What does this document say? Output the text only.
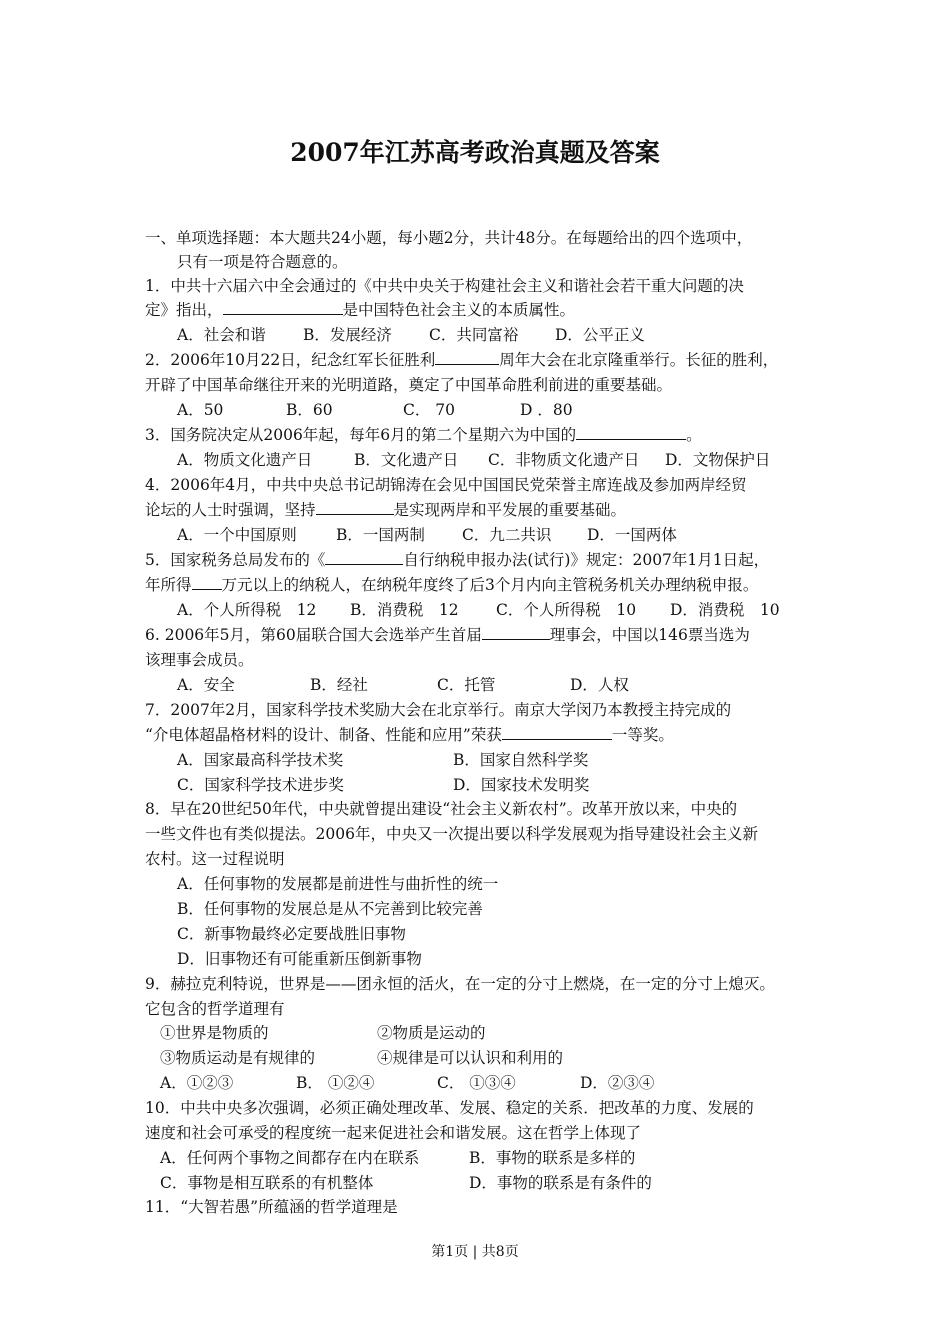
2007年江苏高考政治真题及答案
一、单项选择题：本大题共24小题，每小题2分，共计48分。在每题给出的四个选项中，
只有一项是符合题意的。
1．中共十六届六中全会通过的《中共中央关于构建社会主义和谐社会若干重大问题的决
定》指出，	是中国特色社会主义的本质属性。
A．社会和谐 B．发展经济 C．共同富裕 D．公平正义
2．2006年10月22日，纪念红军长征胜利	周年大会在北京隆重举行。长征的胜利，
开辟了中国革命继往开来的光明道路，奠定了中国革命胜利前进的重要基础。
A．50	B．60	C． 70	D ．80
3．国务院决定从2006年起，每年6月的第二个星期六为中国的	。
A．物质文化遗产日	B．文化遗产日 C．非物质文化遗产日 D．文物保护日
4．2006年4月，中共中央总书记胡锦涛在会见中国国民党荣誉主席连战及参加两岸经贸
论坛的人士时强调，坚持	是实现两岸和平发展的重要基础。
A．一个中国原则	B．一国两制 C．九二共识 D．一国两体
5．国家税务总局发布的《	自行纳税申报办法(试行)》规定：2007年1月1日起，
年所得 万元以上的纳税人，在纳税年度终了后3个月内向主管税务机关办理纳税申报。
A．个人所得税　12 B．消费税　12 C．个人所得税　10 D．消费税　10
6. 2006年5月，第60届联合国大会选举产生首届	理事会，中国以146票当选为
该理事会成员。
A．安全	B．经社	C．托管	D．人权
7．2007年2月，国家科学技术奖励大会在北京举行。南京大学闵乃本教授主持完成的
“介电体超晶格材料的设计、制备、性能和应用”荣获	一等奖。
A．国家最高科学技术奖	B．国家自然科学奖
C．国家科学技术进步奖	D．国家技术发明奖
8．早在20世纪50年代，中央就曾提出建设“社会主义新农村”。改革开放以来，中央的
一些文件也有类似提法。2006年，中央又一次提出要以科学发展观为指导建设社会主义新
农村。这一过程说明
A．任何事物的发展都是前进性与曲折性的统一
B．任何事物的发展总是从不完善到比较完善
C．新事物最终必定要战胜旧事物
D．旧事物还有可能重新压倒新事物
9．赫拉克利特说，世界是——团永恒的活火，在一定的分寸上燃烧，在一定的分寸上熄灭。
它包含的哲学道理有
①世界是物质的	②物质是运动的
③物质运动是有规律的	④规律是可以认识和利用的
A．①②③	B． ①②④	C． ①③④	D．②③④
10．中共中央多次强调，必须正确处理改革、发展、稳定的关系．把改革的力度、发展的
速度和社会可承受的程度统一起来促进社会和谐发展。这在哲学上体现了
A．任何两个事物之间都存在内在联系	B．事物的联系是多样的
C．事物是相互联系的有机整体	D．事物的联系是有条件的
11．“大智若愚”所蕴涵的哲学道理是
第1页 | 共8页
